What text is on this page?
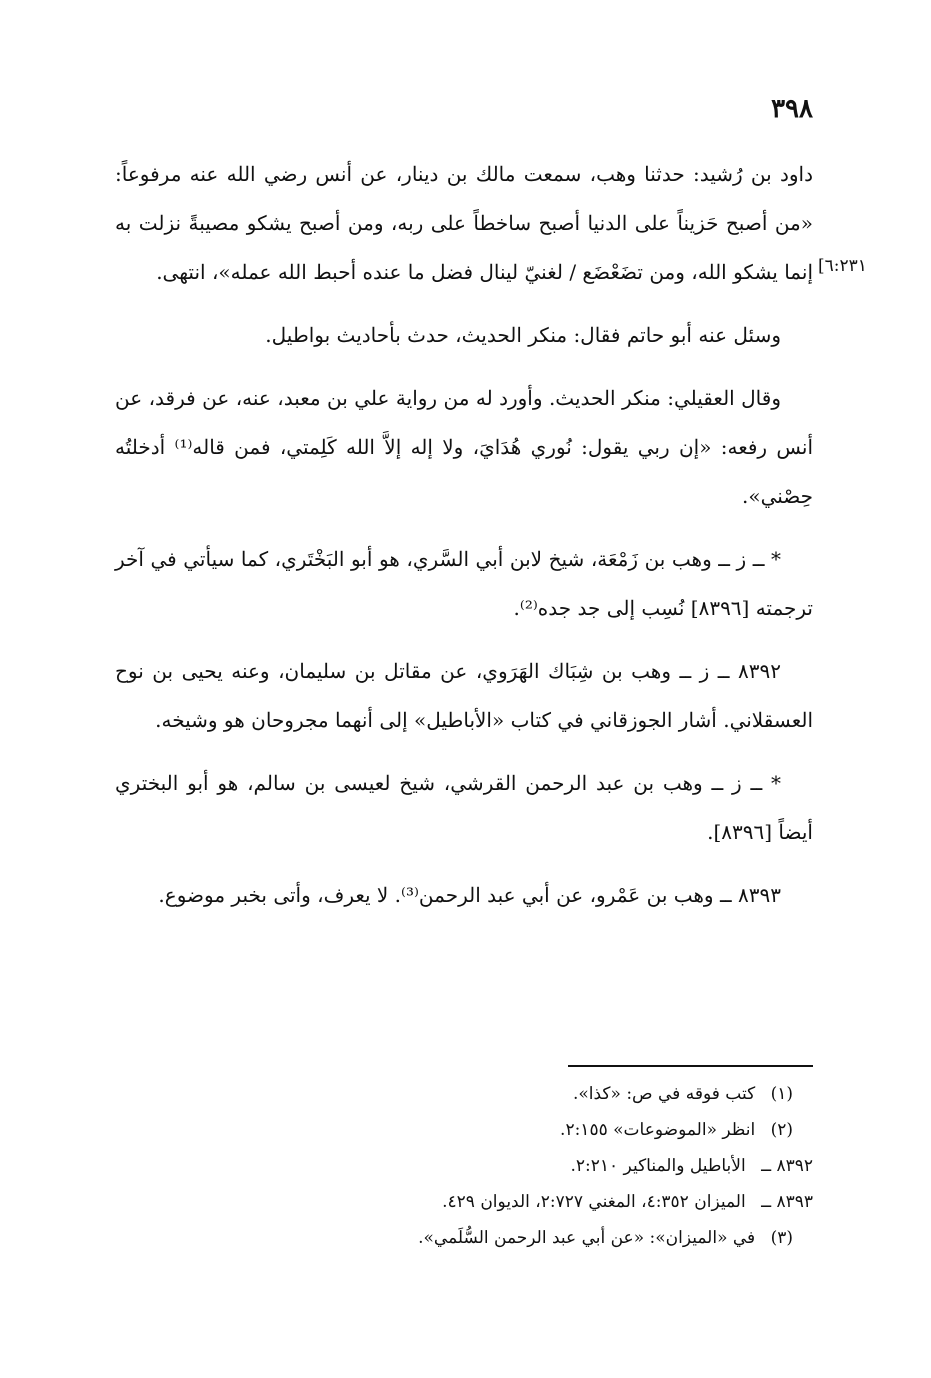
٣٩٨
[٦:٢٣١

داود بن رُشيد: حدثنا وهب، سمعت مالك بن دينار، عن أنس رضي الله عنه مرفوعاً: «من أصبح حَزيناً على الدنيا أصبح ساخطاً على ربه، ومن أصبح يشكو مصيبةً نزلت به إنما يشكو الله، ومن تضَعْضَع / لغنيّ لينال فضل ما عنده أحبط الله عمله»، انتهى.

وسئل عنه أبو حاتم فقال: منكر الحديث، حدث بأحاديث بواطيل.

وقال العقيلي: منكر الحديث. وأورد له من رواية علي بن معبد، عنه، عن فرقد، عن أنس رفعه: «إن ربي يقول: نُوري هُدَايَ، ولا إله إلاَّ الله كَلِمتي، فمن قاله⁽¹⁾ أدخلتُه حِصْني».

* ــ ز ــ وهب بن زَمْعَة، شيخ لابن أبي السَّري، هو أبو البَخْتَري، كما سيأتي في آخر ترجمته [٨٣٩٦] نُسِب إلى جد جده⁽²⁾.

٨٣٩٢ ــ ز ــ وهب بن شِبَاك الهَرَوي، عن مقاتل بن سليمان، وعنه يحيى بن نوح العسقلاني. أشار الجوزقاني في كتاب «الأباطيل» إلى أنهما مجروحان هو وشيخه.

* ــ ز ــ وهب بن عبد الرحمن القرشي، شيخ لعيسى بن سالم، هو أبو البختري أيضاً [٨٣٩٦].

٨٣٩٣ ــ وهب بن عَمْرو، عن أبي عبد الرحمن⁽³⁾. لا يعرف، وأتى بخبر موضوع.

(١) كتب فوقه في ص: «كذا».

(٢) انظر «الموضوعات» ٢:١٥٥.

٨٣٩٢ ــ الأباطيل والمناكير ٢:٢١٠.

٨٣٩٣ ــ الميزان ٤:٣٥٢، المغني ٢:٧٢٧، الديوان ٤٢٩.

(٣) في «الميزان»: «عن أبي عبد الرحمن السُّلَمي».
